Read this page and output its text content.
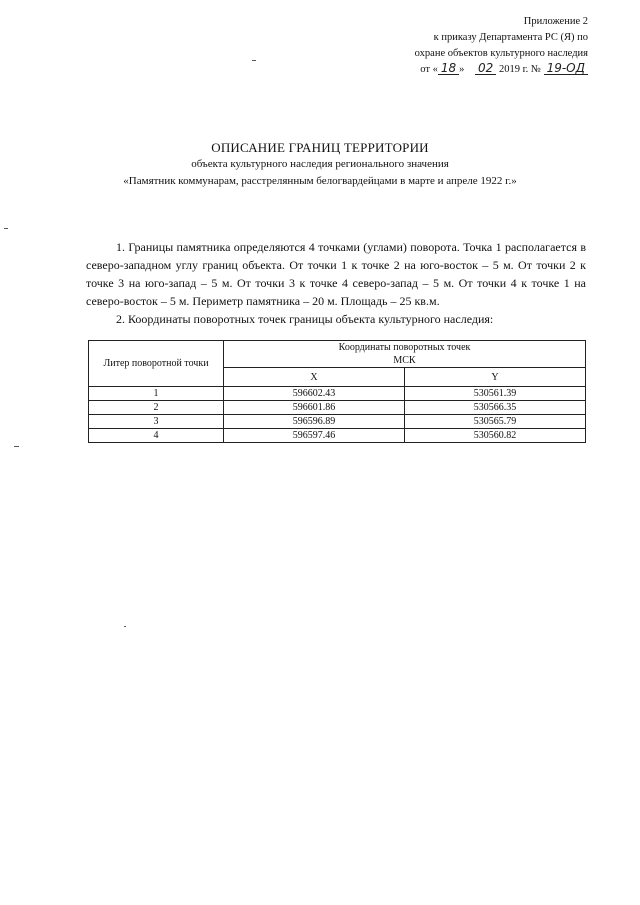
Приложение 2
к приказу Департамента РС (Я) по
охране объектов культурного наследия
от « 18 » 02 2019 г. № 19-ОД
ОПИСАНИЕ ГРАНИЦ ТЕРРИТОРИИ
объекта культурного наследия регионального значения
«Памятник коммунарам, расстрелянным белогвардейцами в марте и апреле 1922 г.»

1. Границы памятника определяются 4 точками (углами) поворота. Точка 1 располагается в северо-западном углу границ объекта. От точки 1 к точке 2 на юго-восток – 5 м. От точки 2 к точке 3 на юго-запад – 5 м. От точки 3 к точке 4 северо-запад – 5 м. От точки 4 к точке 1 на северо-восток – 5 м. Периметр памятника – 20 м. Площадь – 25 кв.м.

2. Координаты поворотных точек границы объекта культурного наследия:

Литер поворотной точки	Координаты поворотных точек
МСК	

	X	Y
1	596602.43	530561.39
2	596601.86	530566.35
3	596596.89	530565.79
4	596597.46	530560.82
